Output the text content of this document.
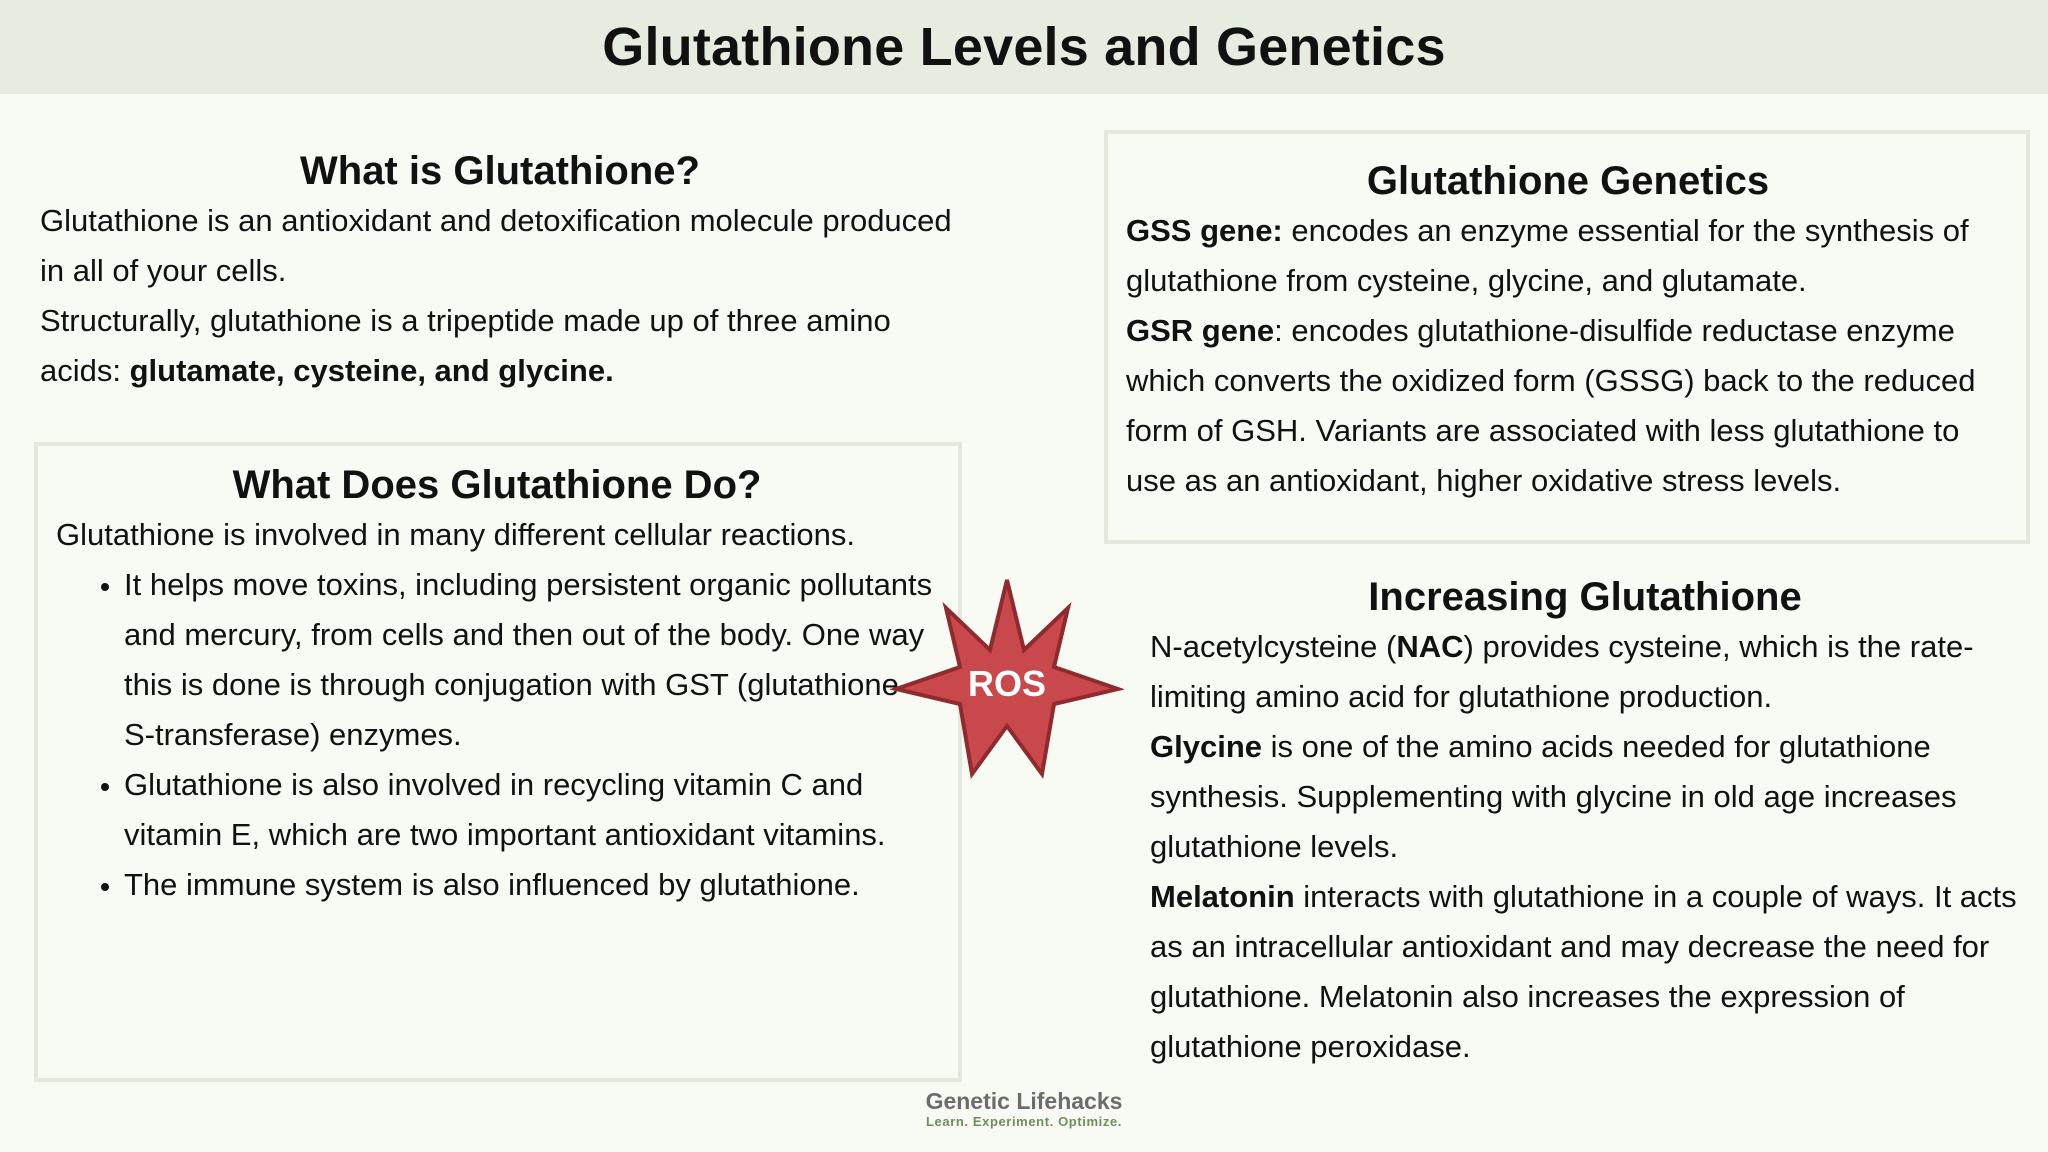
Glutathione Levels and Genetics
What is Glutathione?

Glutathione is an antioxidant and detoxification molecule produced in all of your cells.

Structurally, glutathione is a tripeptide made up of three amino acids: glutamate, cysteine, and glycine.

What Does Glutathione Do?

Glutathione is involved in many different cellular reactions.

• It helps move toxins, including persistent organic pollutants and mercury, from cells and then out of the body. One way this is done is through conjugation with GST (glutathione S-transferase) enzymes.
• Glutathione is also involved in recycling vitamin C and vitamin E, which are two important antioxidant vitamins.
• The immune system is also influenced by glutathione.
Glutathione Genetics

GSS gene: encodes an enzyme essential for the synthesis of glutathione from cysteine, glycine, and glutamate.

GSR gene: encodes glutathione-disulfide reductase enzyme which converts the oxidized form (GSSG) back to the reduced form of GSH. Variants are associated with less glutathione to use as an antioxidant, higher oxidative stress levels.

Increasing Glutathione

N-acetylcysteine (NAC) provides cysteine, which is the rate-limiting amino acid for glutathione production.

Glycine is one of the amino acids needed for glutathione synthesis. Supplementing with glycine in old age increases glutathione levels.

Melatonin interacts with glutathione in a couple of ways. It acts as an intracellular antioxidant and may decrease the need for glutathione. Melatonin also increases the expression of glutathione peroxidase.

ROS
Genetic Lifehacks
Learn. Experiment. Optimize.
